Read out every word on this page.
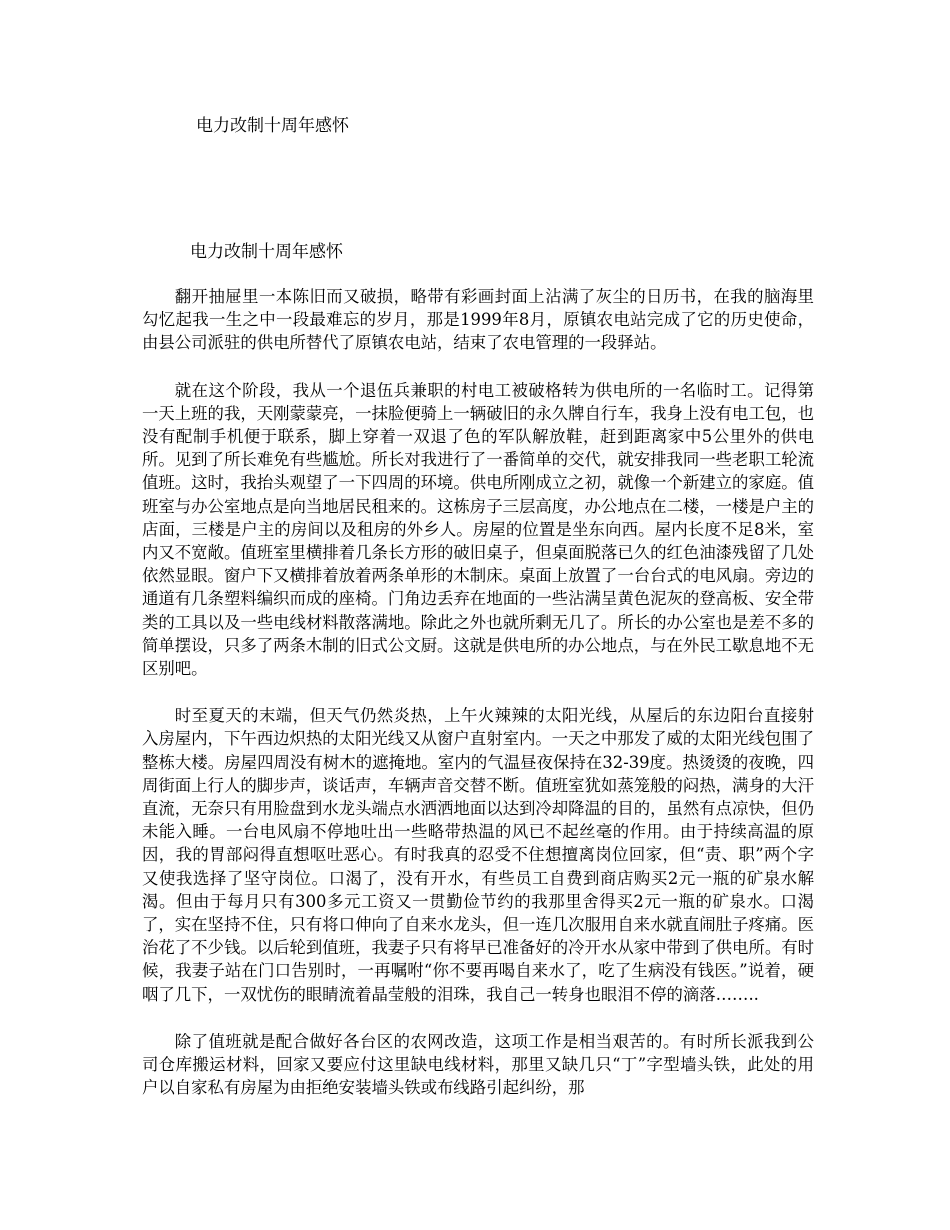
电力改制十周年感怀
电力改制十周年感怀

翻开抽屉里一本陈旧而又破损，略带有彩画封面上沾满了灰尘的日历书，在我的脑海里勾忆起我一生之中一段最难忘的岁月，那是1999年8月，原镇农电站完成了它的历史使命，由县公司派驻的供电所替代了原镇农电站，结束了农电管理的一段驿站。

就在这个阶段，我从一个退伍兵兼职的村电工被破格转为供电所的一名临时工。记得第一天上班的我，天刚蒙蒙亮，一抹脸便骑上一辆破旧的永久牌自行车，我身上没有电工包，也没有配制手机便于联系，脚上穿着一双退了色的军队解放鞋，赶到距离家中5公里外的供电所。见到了所长难免有些尴尬。所长对我进行了一番简单的交代，就安排我同一些老职工轮流值班。这时，我抬头观望了一下四周的环境。供电所刚成立之初，就像一个新建立的家庭。值班室与办公室地点是向当地居民租来的。这栋房子三层高度，办公地点在二楼，一楼是户主的店面，三楼是户主的房间以及租房的外乡人。房屋的位置是坐东向西。屋内长度不足8米，室内又不宽敞。值班室里横排着几条长方形的破旧桌子，但桌面脱落已久的红色油漆残留了几处依然显眼。窗户下又横排着放着两条单形的木制床。桌面上放置了一台台式的电风扇。旁边的通道有几条塑料编织而成的座椅。门角边丢弃在地面的一些沾满呈黄色泥灰的登高板、安全带类的工具以及一些电线材料散落满地。除此之外也就所剩无几了。所长的办公室也是差不多的简单摆设，只多了两条木制的旧式公文厨。这就是供电所的办公地点，与在外民工歇息地不无区别吧。

时至夏天的末端，但天气仍然炎热，上午火辣辣的太阳光线，从屋后的东边阳台直接射入房屋内，下午西边炽热的太阳光线又从窗户直射室内。一天之中那发了威的太阳光线包围了整栋大楼。房屋四周没有树木的遮掩地。室内的气温昼夜保持在32-39度。热烫烫的夜晚，四周街面上行人的脚步声，谈话声，车辆声音交替不断。值班室犹如蒸笼般的闷热，满身的大汗直流，无奈只有用脸盘到水龙头端点水洒洒地面以达到冷却降温的目的，虽然有点凉快，但仍未能入睡。一台电风扇不停地吐出一些略带热温的风已不起丝毫的作用。由于持续高温的原因，我的胃部闷得直想呕吐恶心。有时我真的忍受不住想擅离岗位回家，但“责、职”两个字又使我选择了坚守岗位。口渴了，没有开水，有些员工自费到商店购买2元一瓶的矿泉水解渴。但由于每月只有300多元工资又一贯勤俭节约的我那里舍得买2元一瓶的矿泉水。口渴了，实在坚持不住，只有将口伸向了自来水龙头，但一连几次服用自来水就直闹肚子疼痛。医治花了不少钱。以后轮到值班，我妻子只有将早已准备好的冷开水从家中带到了供电所。有时候，我妻子站在门口告别时，一再嘱咐“你不要再喝自来水了，吃了生病没有钱医。”说着，硬咽了几下，一双忧伤的眼睛流着晶莹般的泪珠，我自己一转身也眼泪不停的滴落……..

除了值班就是配合做好各台区的农网改造，这项工作是相当艰苦的。有时所长派我到公司仓库搬运材料，回家又要应付这里缺电线材料，那里又缺几只“丁”字型墙头铁，此处的用户以自家私有房屋为由拒绝安装墙头铁或布线路引起纠纷，那
